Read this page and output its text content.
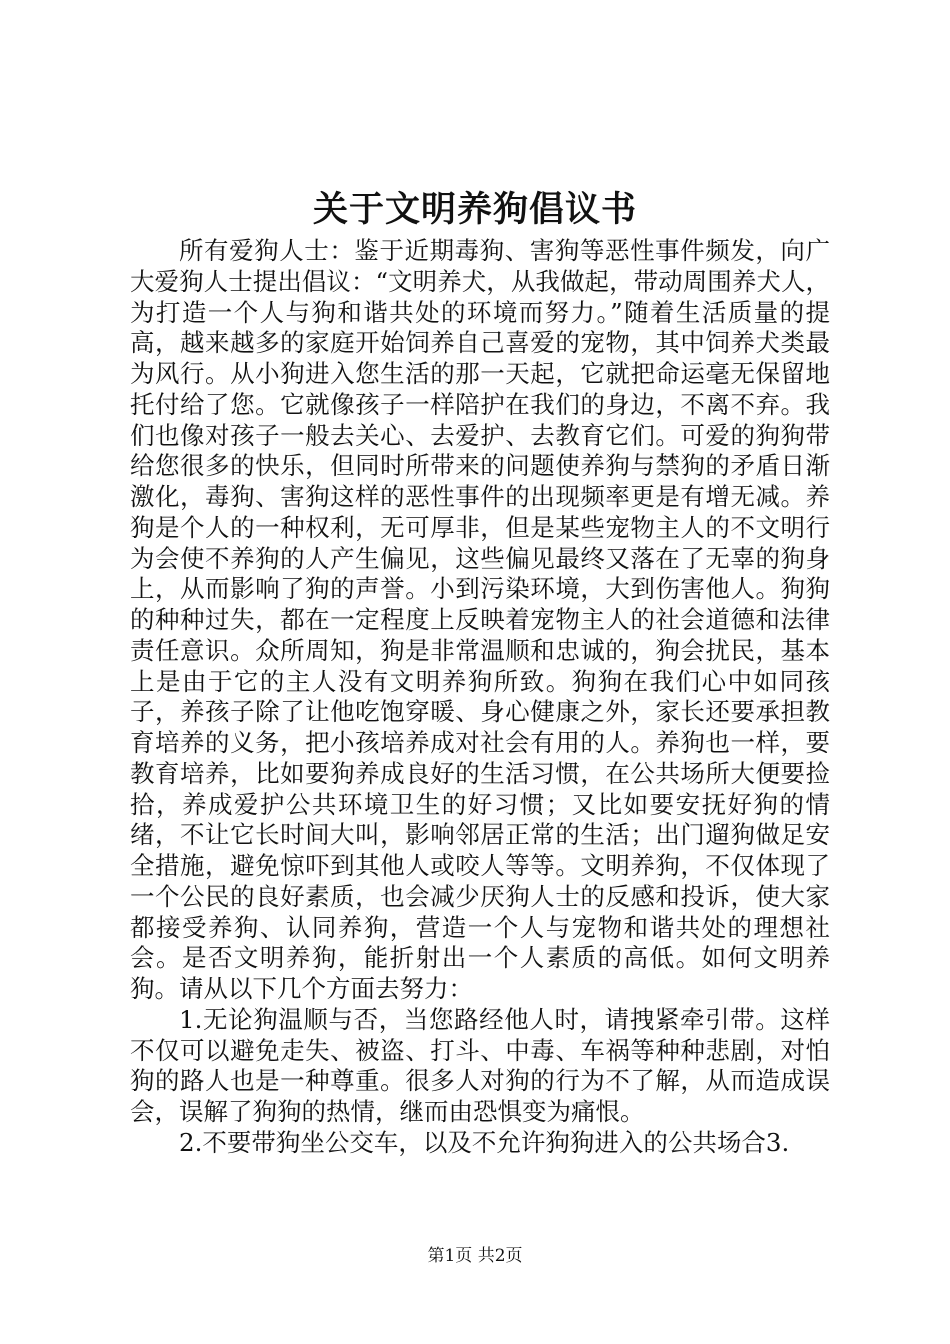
关于文明养狗倡议书

所有爱狗人士：鉴于近期毒狗、害狗等恶性事件频发，向广大爱狗人士提出倡议：“文明养犬，从我做起，带动周围养犬人，为打造一个人与狗和谐共处的环境而努力。”随着生活质量的提高，越来越多的家庭开始饲养自己喜爱的宠物，其中饲养犬类最为风行。从小狗进入您生活的那一天起，它就把命运毫无保留地托付给了您。它就像孩子一样陪护在我们的身边，不离不弃。我们也像对孩子一般去关心、去爱护、去教育它们。可爱的狗狗带给您很多的快乐，但同时所带来的问题使养狗与禁狗的矛盾日渐激化，毒狗、害狗这样的恶性事件的出现频率更是有增无减。养狗是个人的一种权利，无可厚非，但是某些宠物主人的不文明行为会使不养狗的人产生偏见，这些偏见最终又落在了无辜的狗身上，从而影响了狗的声誉。小到污染环境，大到伤害他人。狗狗的种种过失，都在一定程度上反映着宠物主人的社会道德和法律责任意识。众所周知，狗是非常温顺和忠诚的，狗会扰民，基本上是由于它的主人没有文明养狗所致。狗狗在我们心中如同孩子，养孩子除了让他吃饱穿暖、身心健康之外，家长还要承担教育培养的义务，把小孩培养成对社会有用的人。养狗也一样，要教育培养，比如要狗养成良好的生活习惯，在公共场所大便要捡拾，养成爱护公共环境卫生的好习惯；又比如要安抚好狗的情绪，不让它长时间大叫，影响邻居正常的生活；出门遛狗做足安全措施，避免惊吓到其他人或咬人等等。文明养狗，不仅体现了一个公民的良好素质，也会减少厌狗人士的反感和投诉，使大家都接受养狗、认同养狗，营造一个人与宠物和谐共处的理想社会。是否文明养狗，能折射出一个人素质的高低。如何文明养狗。请从以下几个方面去努力：

1.无论狗温顺与否，当您路经他人时，请拽紧牵引带。这样不仅可以避免走失、被盗、打斗、中毒、车祸等种种悲剧，对怕狗的路人也是一种尊重。很多人对狗的行为不了解，从而造成误会，误解了狗狗的热情，继而由恐惧变为痛恨。

2.不要带狗坐公交车，以及不允许狗狗进入的公共场合3.

第1页 共2页
